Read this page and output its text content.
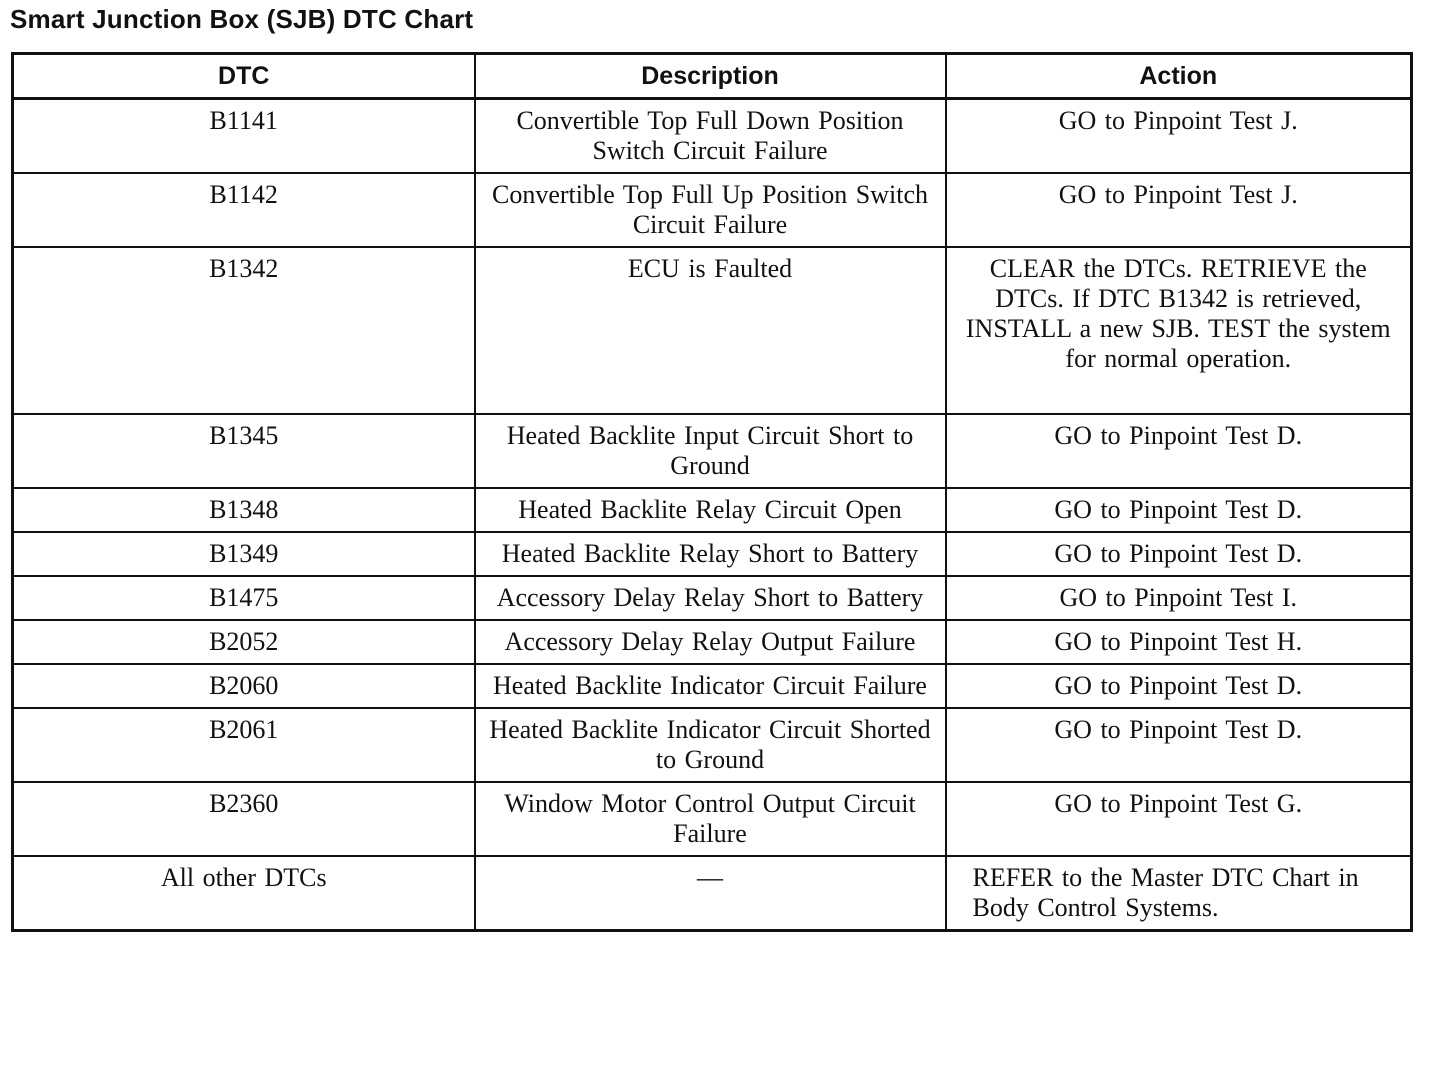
Smart Junction Box (SJB) DTC Chart
DTC	Description	Action
B1141	Convertible Top Full Down Position Switch Circuit Failure	GO to Pinpoint Test J.
B1142	Convertible Top Full Up Position Switch Circuit Failure	GO to Pinpoint Test J.
B1342	ECU is Faulted	CLEAR the DTCs. RETRIEVE the DTCs. If DTC B1342 is retrieved, INSTALL a new SJB. TEST the system for normal operation.
B1345	Heated Backlite Input Circuit Short to Ground	GO to Pinpoint Test D.
B1348	Heated Backlite Relay Circuit Open	GO to Pinpoint Test D.
B1349	Heated Backlite Relay Short to Battery	GO to Pinpoint Test D.
B1475	Accessory Delay Relay Short to Battery	GO to Pinpoint Test I.
B2052	Accessory Delay Relay Output Failure	GO to Pinpoint Test H.
B2060	Heated Backlite Indicator Circuit Failure	GO to Pinpoint Test D.
B2061	Heated Backlite Indicator Circuit Shorted to Ground	GO to Pinpoint Test D.
B2360	Window Motor Control Output Circuit Failure	GO to Pinpoint Test G.
All other DTCs	—	REFER to the Master DTC Chart in Body Control Systems.
